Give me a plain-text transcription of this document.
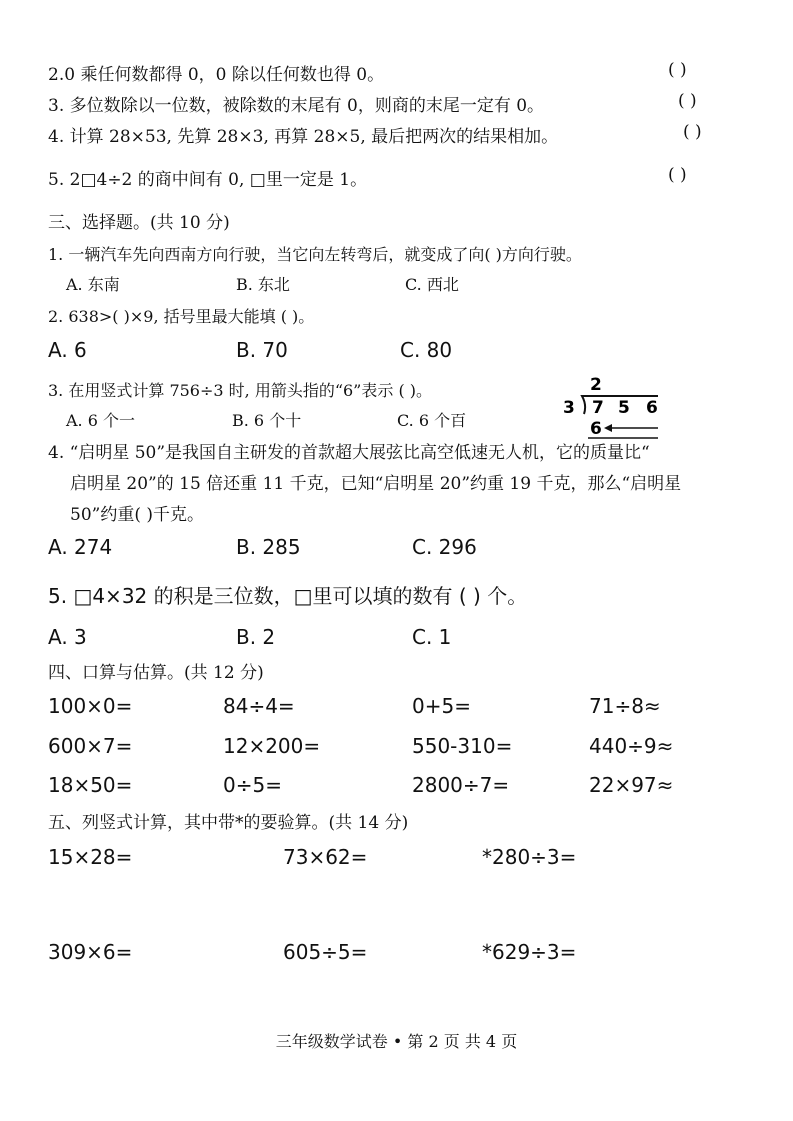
2.0 乘任何数都得 0，0 除以任何数也得 0。	( )
3. 多位数除以一位数，被除数的末尾有 0，则商的末尾一定有 0。	( )
4. 计算 28×53, 先算 28×3, 再算 28×5, 最后把两次的结果相加。	( )
5. 2□4÷2 的商中间有 0, □里一定是 1。	( )
三、选择题。(共 10 分)
1. 一辆汽车先向西南方向行驶，当它向左转弯后，就变成了向( )方向行驶。
A. 东南	B. 东北	C. 西北
2. 638>( )×9, 括号里最大能填 ( )。
A. 6	B. 70	C. 80
3. 在用竖式计算 756÷3 时, 用箭头指的“6”表示 ( )。
A. 6 个一	B. 6 个十	C. 6 个百
2
3 7 5 6
6
4. “启明星 50”是我国自主研发的首款超大展弦比高空低速无人机，它的质量比“
启明星 20”的 15 倍还重 11 千克，已知“启明星 20”约重 19 千克，那么“启明星
50”约重( )千克。
A. 274	B. 285	C. 296
5. □4×32 的积是三位数，□里可以填的数有 ( ) 个。
A. 3	B. 2	C. 1
四、口算与估算。(共 12 分)
100×0=	84÷4=	0+5=	71÷8≈
600×7=	12×200=	550-310=	440÷9≈
18×50=	0÷5=	2800÷7=	22×97≈
五、列竖式计算，其中带*的要验算。(共 14 分)
15×28=	73×62=	*280÷3=
309×6=	605÷5=	*629÷3=
三年级数学试卷 • 第 2 页 共 4 页
